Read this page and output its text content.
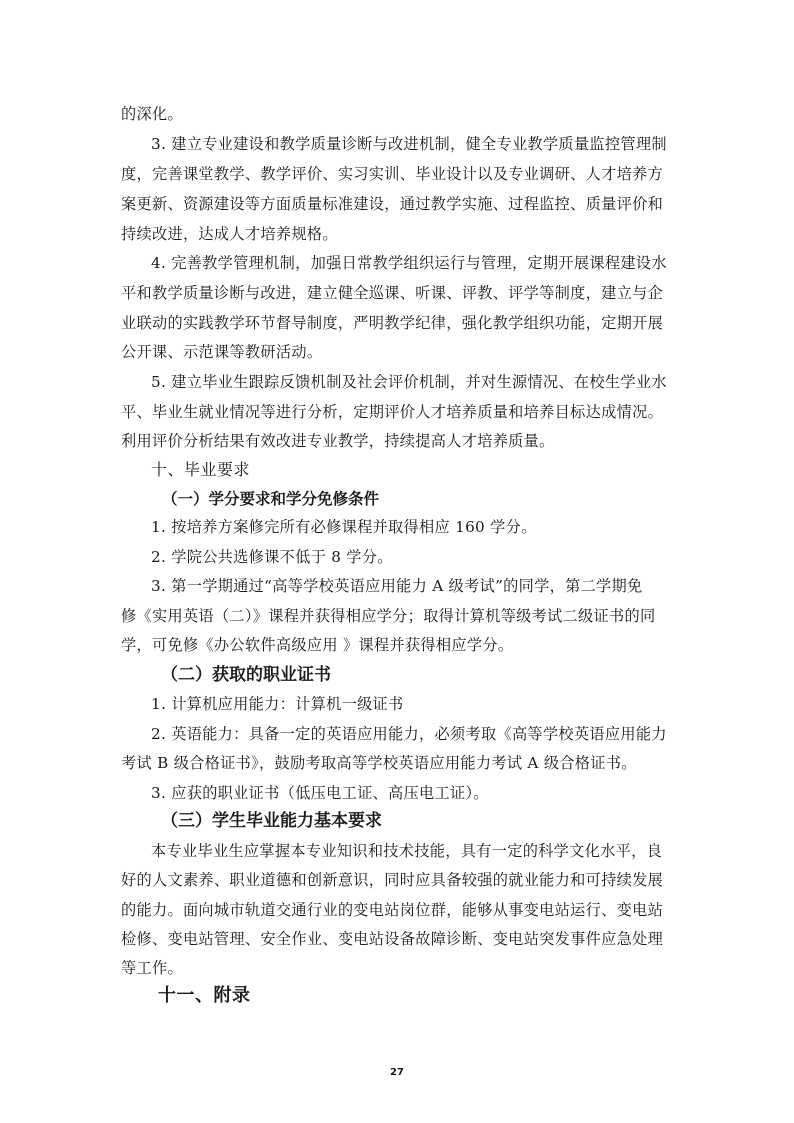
的深化。
3. 建立专业建设和教学质量诊断与改进机制，健全专业教学质量监控管理制
度，完善课堂教学、教学评价、实习实训、毕业设计以及专业调研、人才培养方
案更新、资源建设等方面质量标准建设，通过教学实施、过程监控、质量评价和
持续改进，达成人才培养规格。
4. 完善教学管理机制，加强日常教学组织运行与管理，定期开展课程建设水
平和教学质量诊断与改进，建立健全巡课、听课、评教、评学等制度，建立与企
业联动的实践教学环节督导制度，严明教学纪律，强化教学组织功能，定期开展
公开课、示范课等教研活动。
5. 建立毕业生跟踪反馈机制及社会评价机制，并对生源情况、在校生学业水
平、毕业生就业情况等进行分析，定期评价人才培养质量和培养目标达成情况。
利用评价分析结果有效改进专业教学，持续提高人才培养质量。
十、毕业要求
（一）学分要求和学分免修条件
1. 按培养方案修完所有必修课程并取得相应 160 学分。
2. 学院公共选修课不低于 8 学分。
3. 第一学期通过“高等学校英语应用能力 A 级考试”的同学，第二学期免
修《实用英语（二）》课程并获得相应学分；取得计算机等级考试二级证书的同
学，可免修《办公软件高级应用 》课程并获得相应学分。
（二）获取的职业证书
1. 计算机应用能力：计算机一级证书
2. 英语能力：具备一定的英语应用能力，必须考取《高等学校英语应用能力
考试 B 级合格证书》，鼓励考取高等学校英语应用能力考试 A 级合格证书。
3. 应获的职业证书（低压电工证、高压电工证）。
（三）学生毕业能力基本要求
本专业毕业生应掌握本专业知识和技术技能，具有一定的科学文化水平，良
好的人文素养、职业道德和创新意识，同时应具备较强的就业能力和可持续发展
的能力。面向城市轨道交通行业的变电站岗位群，能够从事变电站运行、变电站
检修、变电站管理、安全作业、变电站设备故障诊断、变电站突发事件应急处理
等工作。
十一、附录
27
